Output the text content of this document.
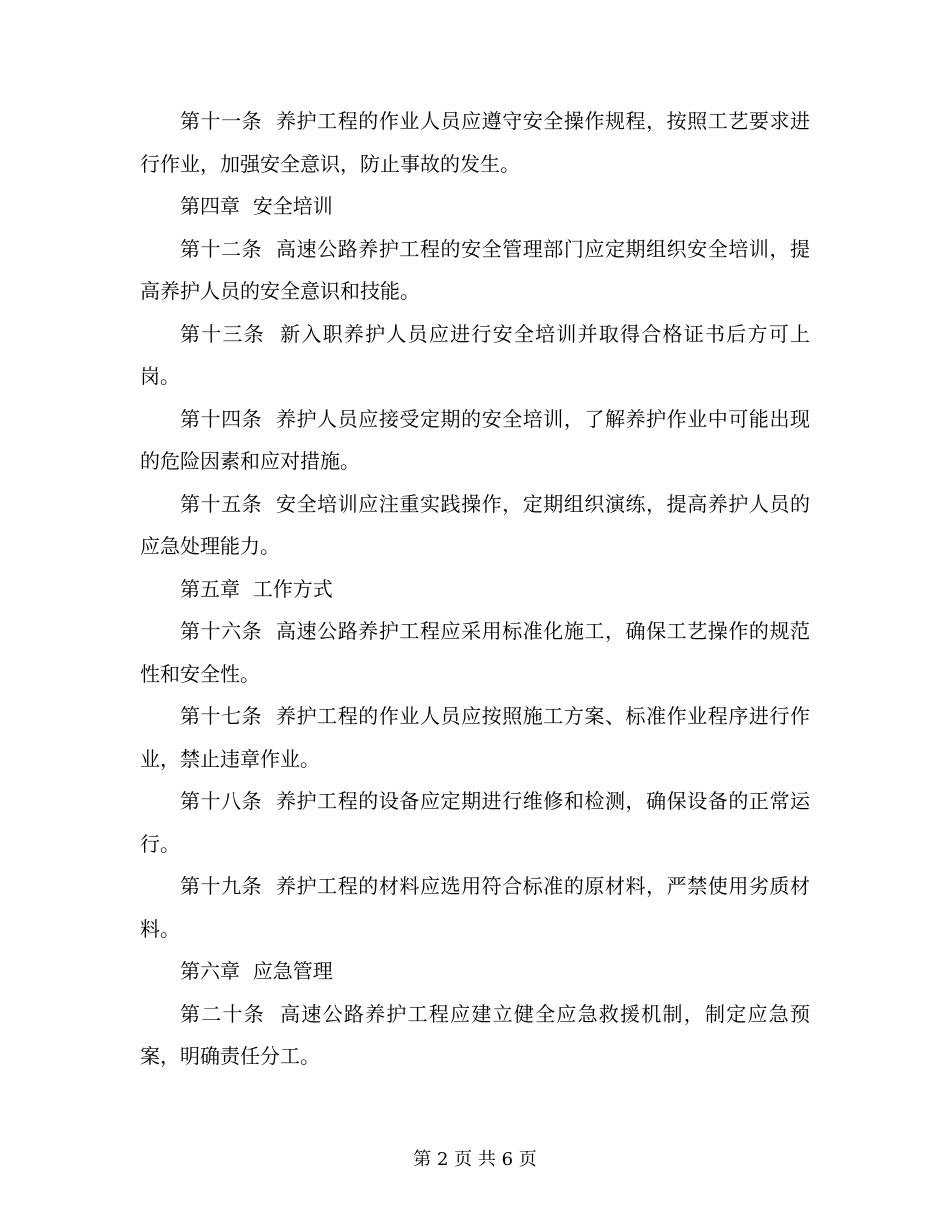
第十一条  养护工程的作业人员应遵守安全操作规程，按照工艺要求进行作业，加强安全意识，防止事故的发生。

第四章  安全培训

第十二条  高速公路养护工程的安全管理部门应定期组织安全培训，提高养护人员的安全意识和技能。

第十三条  新入职养护人员应进行安全培训并取得合格证书后方可上岗。

第十四条  养护人员应接受定期的安全培训，了解养护作业中可能出现的危险因素和应对措施。

第十五条  安全培训应注重实践操作，定期组织演练，提高养护人员的应急处理能力。

第五章  工作方式

第十六条  高速公路养护工程应采用标准化施工，确保工艺操作的规范性和安全性。

第十七条  养护工程的作业人员应按照施工方案、标准作业程序进行作业，禁止违章作业。

第十八条  养护工程的设备应定期进行维修和检测，确保设备的正常运行。

第十九条  养护工程的材料应选用符合标准的原材料，严禁使用劣质材料。

第六章  应急管理

第二十条  高速公路养护工程应建立健全应急救援机制，制定应急预案，明确责任分工。

第 2 页 共 6 页
